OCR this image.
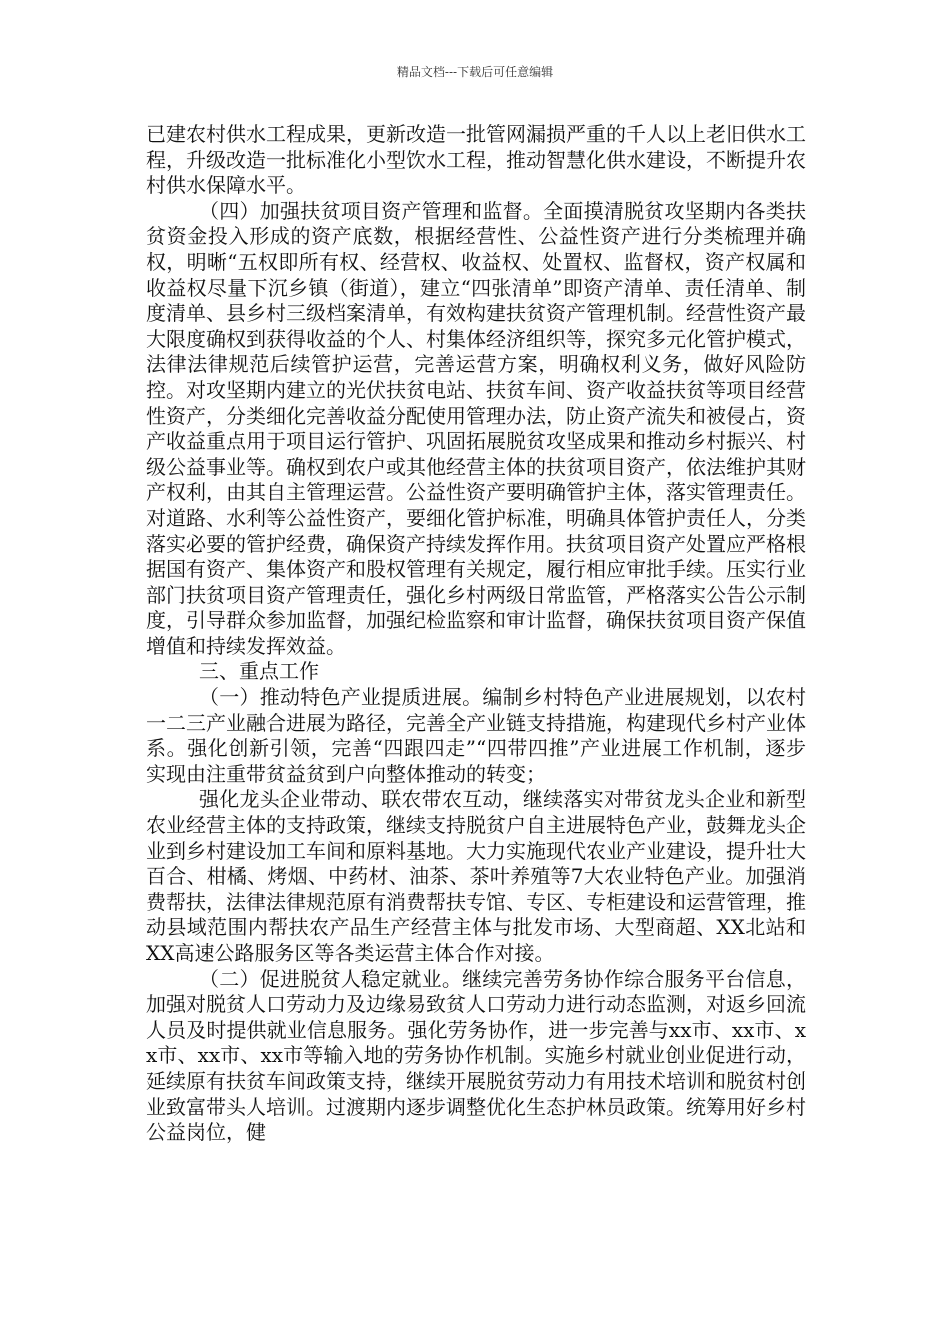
精品文档---下载后可任意编辑

已建农村供水工程成果，更新改造一批管网漏损严重的千人以上老旧供水工程，升级改造一批标准化小型饮水工程，推动智慧化供水建设，不断提升农村供水保障水平。

（四）加强扶贫项目资产管理和监督。全面摸清脱贫攻坚期内各类扶贫资金投入形成的资产底数，根据经营性、公益性资产进行分类梳理并确权，明晰“五权即所有权、经营权、收益权、处置权、监督权，资产权属和收益权尽量下沉乡镇（街道），建立“四张清单”即资产清单、责任清单、制度清单、县乡村三级档案清单，有效构建扶贫资产管理机制。经营性资产最大限度确权到获得收益的个人、村集体经济组织等，探究多元化管护模式，法律法律规范后续管护运营，完善运营方案，明确权利义务，做好风险防控。对攻坚期内建立的光伏扶贫电站、扶贫车间、资产收益扶贫等项目经营性资产，分类细化完善收益分配使用管理办法，防止资产流失和被侵占，资产收益重点用于项目运行管护、巩固拓展脱贫攻坚成果和推动乡村振兴、村级公益事业等。确权到农户或其他经营主体的扶贫项目资产，依法维护其财产权利，由其自主管理运营。公益性资产要明确管护主体，落实管理责任。对道路、水利等公益性资产，要细化管护标准，明确具体管护责任人，分类落实必要的管护经费，确保资产持续发挥作用。扶贫项目资产处置应严格根据国有资产、集体资产和股权管理有关规定，履行相应审批手续。压实行业部门扶贫项目资产管理责任，强化乡村两级日常监管，严格落实公告公示制度，引导群众参加监督，加强纪检监察和审计监督，确保扶贫项目资产保值增值和持续发挥效益。

三、重点工作

（一）推动特色产业提质进展。编制乡村特色产业进展规划，以农村一二三产业融合进展为路径，完善全产业链支持措施，构建现代乡村产业体系。强化创新引领，完善“四跟四走”“四带四推”产业进展工作机制，逐步实现由注重带贫益贫到户向整体推动的转变；

强化龙头企业带动、联农带农互动，继续落实对带贫龙头企业和新型农业经营主体的支持政策，继续支持脱贫户自主进展特色产业，鼓舞龙头企业到乡村建设加工车间和原料基地。大力实施现代农业产业建设，提升壮大百合、柑橘、烤烟、中药材、油茶、茶叶养殖等7大农业特色产业。加强消费帮扶，法律法律规范原有消费帮扶专馆、专区、专柜建设和运营管理，推动县域范围内帮扶农产品生产经营主体与批发市场、大型商超、XX北站和XX高速公路服务区等各类运营主体合作对接。

（二）促进脱贫人稳定就业。继续完善劳务协作综合服务平台信息，加强对脱贫人口劳动力及边缘易致贫人口劳动力进行动态监测，对返乡回流人员及时提供就业信息服务。强化劳务协作，进一步完善与xx市、xx市、xx市、xx市、xx市等输入地的劳务协作机制。实施乡村就业创业促进行动，延续原有扶贫车间政策支持，继续开展脱贫劳动力有用技术培训和脱贫村创业致富带头人培训。过渡期内逐步调整优化生态护林员政策。统筹用好乡村公益岗位，健
